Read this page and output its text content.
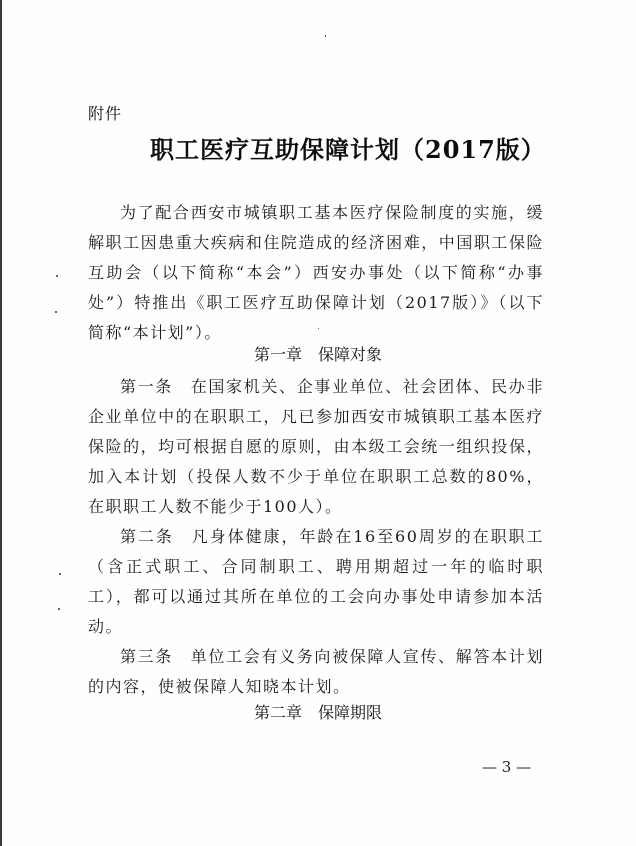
附件
职工医疗互助保障计划（2017版）

为了配合西安市城镇职工基本医疗保险制度的实施，缓解职工因患重大疾病和住院造成的经济困难，中国职工保险互助会（以下简称“本会”）西安办事处（以下简称“办事处”）特推出《职工医疗互助保障计划（2017版）》（以下简称“本计划”）。

第一章　保障对象

第一条　在国家机关、企事业单位、社会团体、民办非企业单位中的在职职工，凡已参加西安市城镇职工基本医疗保险的，均可根据自愿的原则，由本级工会统一组织投保，加入本计划（投保人数不少于单位在职职工总数的80%，在职职工人数不能少于100人）。

第二条　凡身体健康，年龄在16至60周岁的在职职工（含正式职工、合同制职工、聘用期超过一年的临时职工），都可以通过其所在单位的工会向办事处申请参加本活动。

第三条　单位工会有义务向被保障人宣传、解答本计划的内容，使被保障人知晓本计划。

第二章　保障期限
— 3 —
